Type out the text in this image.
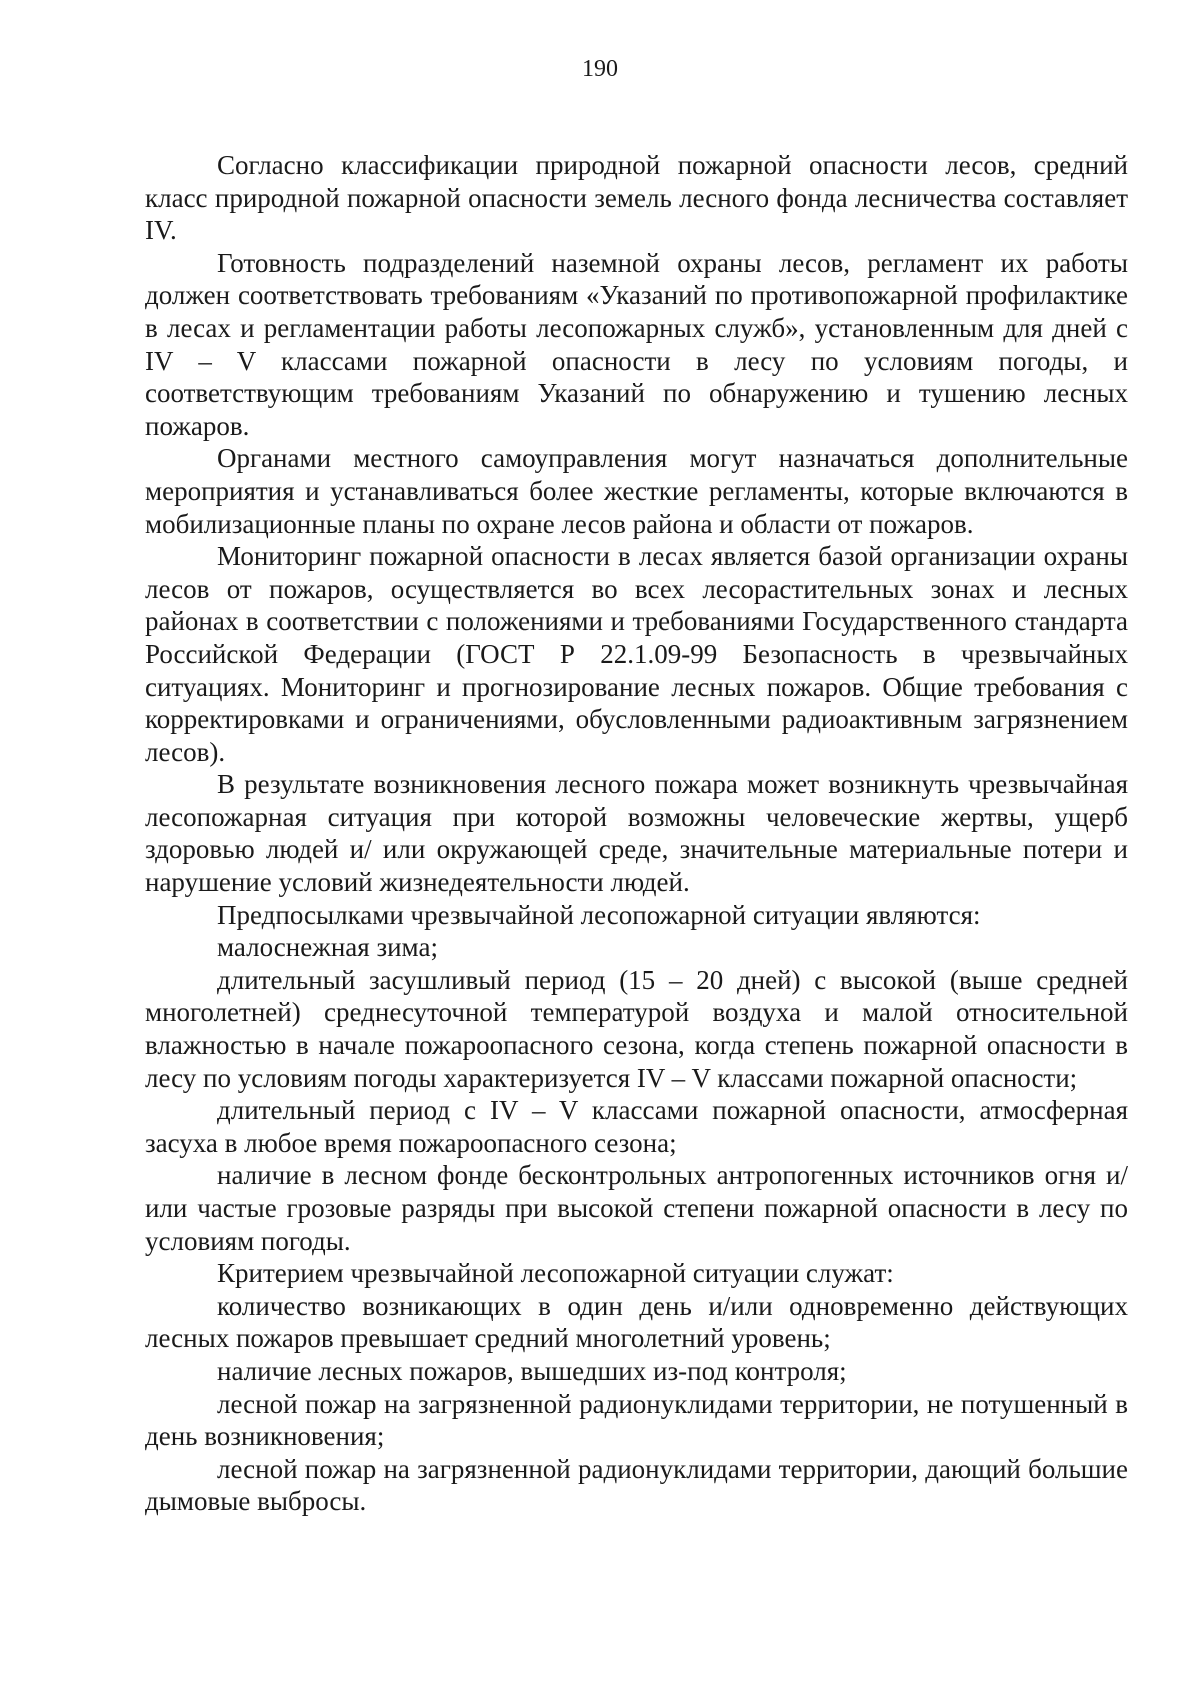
190

Согласно классификации природной пожарной опасности лесов, средний класс природной пожарной опасности земель лесного фонда лесничества составляет IV.

Готовность подразделений наземной охраны лесов, регламент их работы должен соответствовать требованиям «Указаний по противопожарной профилактике в лесах и регламентации работы лесопожарных служб», установленным для дней с IV – V классами пожарной опасности в лесу по условиям погоды, и соответствующим требованиям Указаний по обнаружению и тушению лесных пожаров.

Органами местного самоуправления могут назначаться дополнительные мероприятия и устанавливаться более жесткие регламенты, которые включаются в мобилизационные планы по охране лесов района и области от пожаров.

Мониторинг пожарной опасности в лесах является базой организации охраны лесов от пожаров, осуществляется во всех лесорастительных зонах и лесных районах в соответствии с положениями и требованиями Государственного стандарта Российской Федерации (ГОСТ Р 22.1.09-99 Безопасность в чрезвычайных ситуациях. Мониторинг и прогнозирование лесных пожаров. Общие требования с корректировками и ограничениями, обусловленными радиоактивным загрязнением лесов).

В результате возникновения лесного пожара может возникнуть чрезвычайная лесопожарная ситуация при которой возможны человеческие жертвы, ущерб здоровью людей и/ или окружающей среде, значительные материальные потери и нарушение условий жизнедеятельности людей.

Предпосылками чрезвычайной лесопожарной ситуации являются:

малоснежная зима;

длительный засушливый период (15 – 20 дней) с высокой (выше средней многолетней) среднесуточной температурой воздуха и малой относительной влажностью в начале пожароопасного сезона, когда степень пожарной опасности в лесу по условиям погоды характеризуется IV – V классами пожарной опасности;

длительный период с IV – V классами пожарной опасности, атмосферная засуха в любое время пожароопасного сезона;

наличие в лесном фонде бесконтрольных антропогенных источников огня и/или частые грозовые разряды при высокой степени пожарной опасности в лесу по условиям погоды.

Критерием чрезвычайной лесопожарной ситуации служат:

количество возникающих в один день и/или одновременно действующих лесных пожаров превышает средний многолетний уровень;

наличие лесных пожаров, вышедших из-под контроля;

лесной пожар на загрязненной радионуклидами территории, не потушенный в день возникновения;

лесной пожар на загрязненной радионуклидами территории, дающий большие дымовые выбросы.
